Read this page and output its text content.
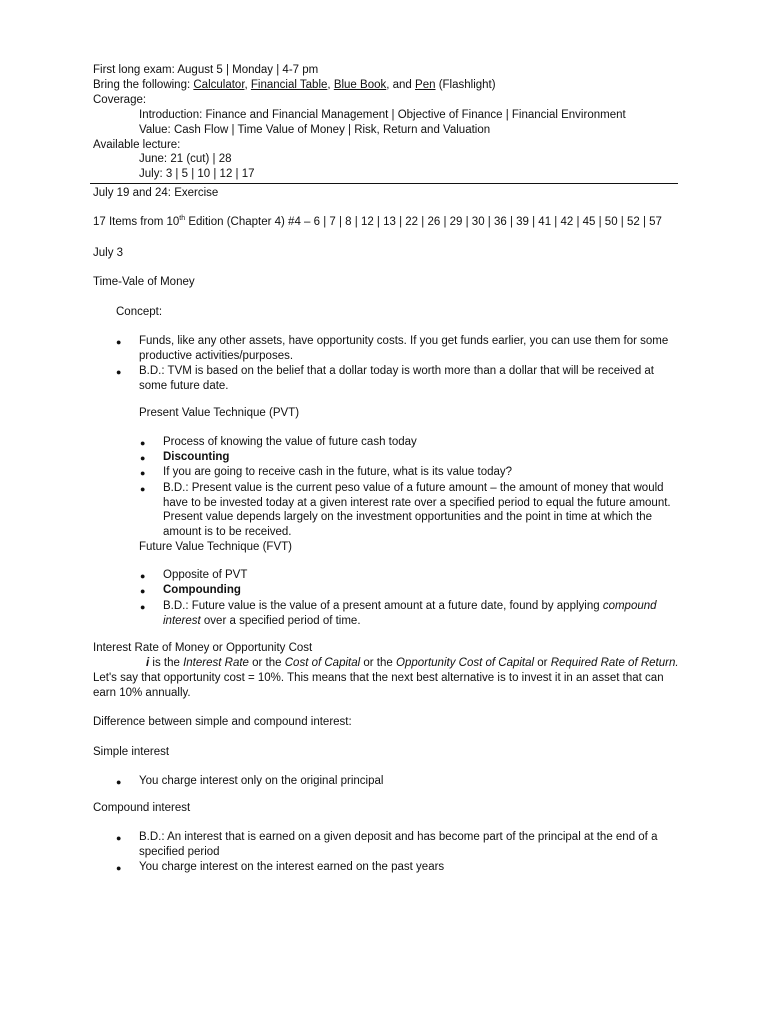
First long exam: August 5 | Monday | 4-7 pm
Bring the following: Calculator, Financial Table, Blue Book, and Pen (Flashlight)
Coverage:
Introduction: Finance and Financial Management | Objective of Finance | Financial Environment
Value: Cash Flow | Time Value of Money | Risk, Return and Valuation
Available lecture:
June: 21 (cut) | 28
July: 3 | 5 | 10 | 12 | 17
July 19 and 24: Exercise
17 Items from 10th Edition (Chapter 4) #4 – 6 | 7 | 8 | 12 | 13 | 22 | 26 | 29 | 30 | 36 | 39 | 41 | 42 | 45 | 50 | 52 | 57
July 3
Time-Vale of Money
Concept:
● Funds, like any other assets, have opportunity costs. If you get funds earlier, you can use them for some productive activities/purposes.
● B.D.: TVM is based on the belief that a dollar today is worth more than a dollar that will be received at some future date.
Present Value Technique (PVT)
● Process of knowing the value of future cash today
● Discounting
● If you are going to receive cash in the future, what is its value today?
● B.D.: Present value is the current peso value of a future amount – the amount of money that would have to be invested today at a given interest rate over a specified period to equal the future amount. Present value depends largely on the investment opportunities and the point in time at which the amount is to be received.
Future Value Technique (FVT)
● Opposite of PVT
● Compounding
● B.D.: Future value is the value of a present amount at a future date, found by applying compound interest over a specified period of time.
Interest Rate of Money or Opportunity Cost
i is the Interest Rate or the Cost of Capital or the Opportunity Cost of Capital or Required Rate of Return.
Let's say that opportunity cost = 10%. This means that the next best alternative is to invest it in an asset that can earn 10% annually.
Difference between simple and compound interest:
Simple interest
● You charge interest only on the original principal
Compound interest
● B.D.: An interest that is earned on a given deposit and has become part of the principal at the end of a specified period
● You charge interest on the interest earned on the past years
